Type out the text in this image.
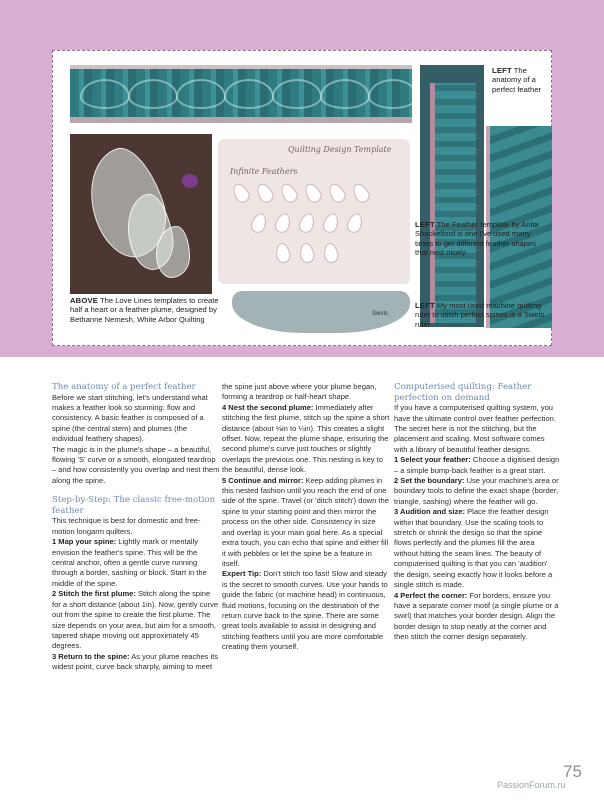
LEFT The anatomy of a perfect feather
Quilting Design Template
Infinite Feathers
LEFT The Feather template by Anita Shackelford is one I've used many times to get different feather shapes that nest nicely
Swirls
LEFT My most used machine quilting ruler to stitch perfect spines is a Swirls ruler
ABOVE The Love Lines templates to create half a heart or a feather plume, designed by Bethanne Nemesh, White Arbor Quilting

The anatomy of a perfect feather

Before we start stitching, let's understand what makes a feather look so stunning: flow and consistency. A basic feather is composed of a spine (the central stem) and plumes (the individual feathery shapes).

The magic is in the plume's shape – a beautiful, flowing 'S' curve or a smooth, elongated teardrop – and how consistently you overlap and nest them along the spine.

Step-by-Step: The classic free-motion feather

This technique is best for domestic and free-motion longarm quilters.

1 Map your spine: Lightly mark or mentally envision the feather's spine. This will be the central anchor, often a gentle curve running through a border, sashing or block. Start in the middle of the spine.

2 Stitch the first plume: Stitch along the spine for a short distance (about 1in). Now, gently curve out from the spine to create the first plume. The size depends on your area, but aim for a smooth, tapered shape moving out approximately 45 degrees.

3 Return to the spine: As your plume reaches its widest point, curve back sharply, aiming to meet

the spine just above where your plume began, forming a teardrop or half-heart shape.

4 Nest the second plume: Immediately after stitching the first plume, stitch up the spine a short distance (about ⅛in to ¼in). This creates a slight offset. Now, repeat the plume shape, ensuring the second plume's curve just touches or slightly overlaps the previous one. This nesting is key to the beautiful, dense look.

5 Continue and mirror: Keep adding plumes in this nested fashion until you reach the end of one side of the spine. Travel (or 'ditch stitch') down the spine to your starting point and then mirror the process on the other side. Consistency in size and overlap is your main goal here. As a special extra touch, you can echo that spine and either fill it with pebbles or let the spine be a feature in itself.

Expert Tip: Don't stitch too fast! Slow and steady is the secret to smooth curves. Use your hands to guide the fabric (or machine head) in continuous, fluid motions, focusing on the destination of the return curve back to the spine. There are some great tools available to assist in designing and stitching feathers until you are more comfortable creating them yourself.

Computerised quilting: Feather perfection on demand

If you have a computerised quilting system, you have the ultimate control over feather perfection. The secret here is not the stitching, but the placement and scaling. Most software comes with a library of beautiful feather designs.

1 Select your feather: Choose a digitised design – a simple bump-back feather is a great start.

2 Set the boundary: Use your machine's area or boundary tools to define the exact shape (border, triangle, sashing) where the feather will go.

3 Audition and size: Place the feather design within that boundary. Use the scaling tools to stretch or shrink the design so that the spine flows perfectly and the plumes fill the area without hitting the seam lines. The beauty of computerised quilting is that you can 'audition' the design, seeing exactly how it looks before a single stitch is made.

4 Perfect the corner: For borders, ensure you have a separate corner motif (a single plume or a swirl) that matches your border design. Align the border design to stop neatly at the corner and then stitch the corner design separately.

75
PassionForum.ru
